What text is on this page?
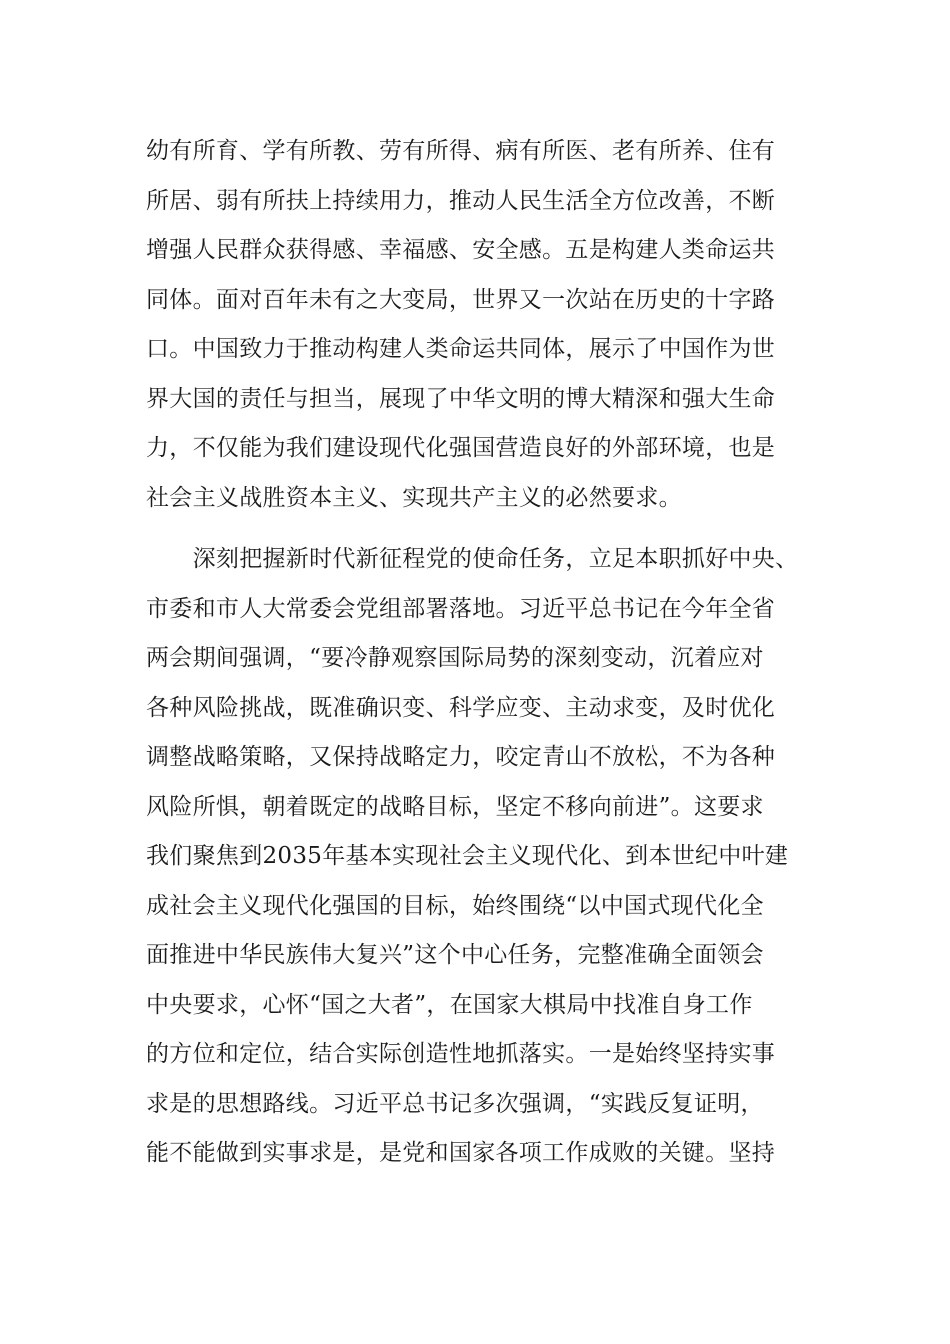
幼有所育、学有所教、劳有所得、病有所医、老有所养、住有
所居、弱有所扶上持续用力，推动人民生活全方位改善，不断
增强人民群众获得感、幸福感、安全感。五是构建人类命运共
同体。面对百年未有之大变局，世界又一次站在历史的十字路
口。中国致力于推动构建人类命运共同体，展示了中国作为世
界大国的责任与担当，展现了中华文明的博大精深和强大生命
力，不仅能为我们建设现代化强国营造良好的外部环境，也是
社会主义战胜资本主义、实现共产主义的必然要求。
　　深刻把握新时代新征程党的使命任务，立足本职抓好中央、
市委和市人大常委会党组部署落地。习近平总书记在今年全省
两会期间强调，“要冷静观察国际局势的深刻变动，沉着应对
各种风险挑战，既准确识变、科学应变、主动求变，及时优化
调整战略策略，又保持战略定力，咬定青山不放松，不为各种
风险所惧，朝着既定的战略目标，坚定不移向前进”。这要求
我们聚焦到2035年基本实现社会主义现代化、到本世纪中叶建
成社会主义现代化强国的目标，始终围绕“以中国式现代化全
面推进中华民族伟大复兴”这个中心任务，完整准确全面领会
中央要求，心怀“国之大者”，在国家大棋局中找准自身工作
的方位和定位，结合实际创造性地抓落实。一是始终坚持实事
求是的思想路线。习近平总书记多次强调，“实践反复证明，
能不能做到实事求是，是党和国家各项工作成败的关键。坚持
